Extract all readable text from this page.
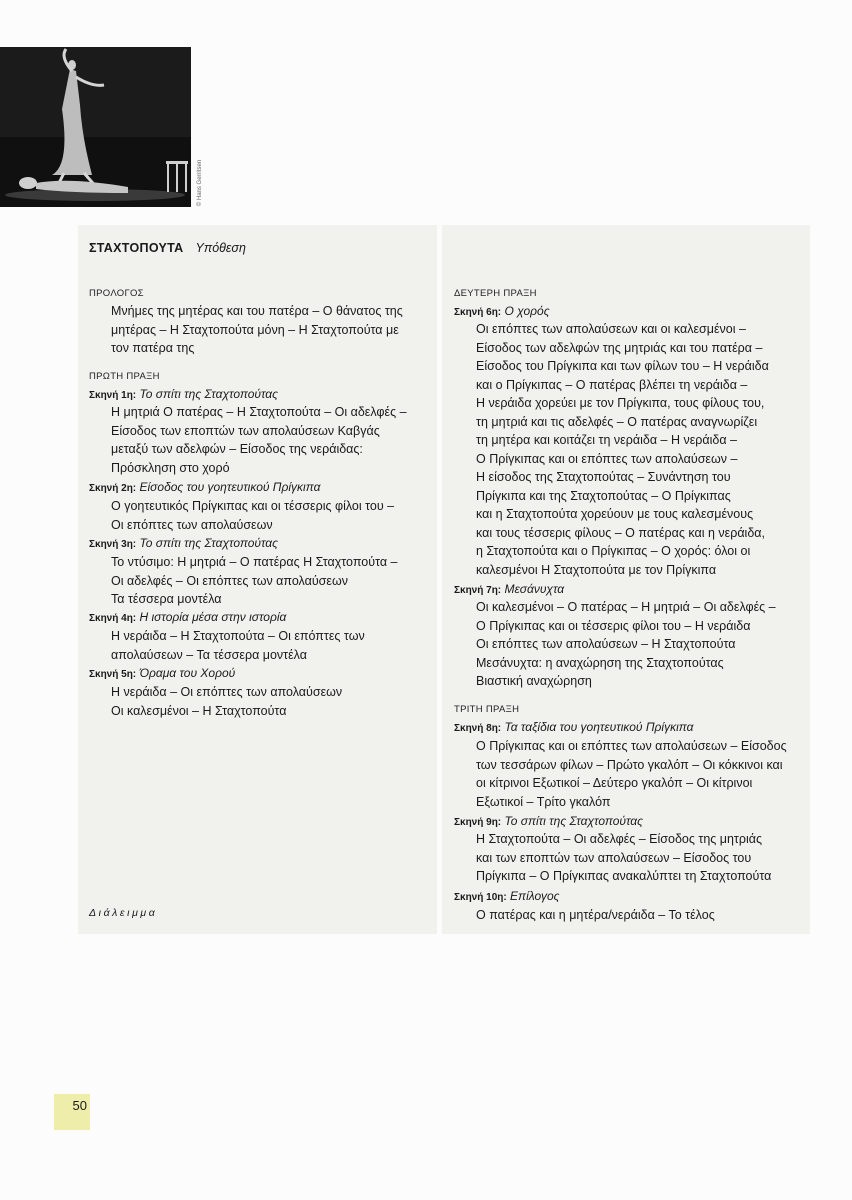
© Hans Gerritsen
ΣΤΑΧΤΟΠΟΥΤΑ Υπόθεση
ΠΡΟΛΟΓΟΣ
Μνήμες της μητέρας και του πατέρα – Ο θάνατος της
μητέρας – Η Σταχτοπούτα μόνη – Η Σταχτοπούτα με
τον πατέρα της
ΠΡΩΤΗ ΠΡΑΞΗ
Σκηνή 1η: Το σπίτι της Σταχτοπούτας
Η μητριά Ο πατέρας – Η Σταχτοπούτα – Οι αδελφές –
Είσοδος των εποπτών των απολαύσεων Καβγάς
μεταξύ των αδελφών – Είσοδος της νεράιδας:
Πρόσκληση στο χορό
Σκηνή 2η: Είσοδος του γοητευτικού Πρίγκιπα
Ο γοητευτικός Πρίγκιπας και οι τέσσερις φίλοι του –
Οι επόπτες των απολαύσεων
Σκηνή 3η: Το σπίτι της Σταχτοπούτας
Το ντύσιμο: Η μητριά – Ο πατέρας Η Σταχτοπούτα –
Οι αδελφές – Οι επόπτες των απολαύσεων
Τα τέσσερα μοντέλα
Σκηνή 4η: Η ιστορία μέσα στην ιστορία
Η νεράιδα – Η Σταχτοπούτα – Οι επόπτες των
απολαύσεων – Τα τέσσερα μοντέλα
Σκηνή 5η: Όραμα του Χορού
Η νεράιδα – Οι επόπτες των απολαύσεων
Οι καλεσμένοι – Η Σταχτοπούτα
Διάλειμμα
ΔΕΥΤΕΡΗ ΠΡΑΞΗ
Σκηνή 6η: Ο χορός
Οι επόπτες των απολαύσεων και οι καλεσμένοι –
Είσοδος των αδελφών της μητριάς και του πατέρα –
Είσοδος του Πρίγκιπα και των φίλων του – Η νεράιδα
και ο Πρίγκιπας – Ο πατέρας βλέπει τη νεράιδα –
Η νεράιδα χορεύει με τον Πρίγκιπα, τους φίλους του,
τη μητριά και τις αδελφές – Ο πατέρας αναγνωρίζει
τη μητέρα και κοιτάζει τη νεράιδα – Η νεράιδα –
Ο Πρίγκιπας και οι επόπτες των απολαύσεων –
Η είσοδος της Σταχτοπούτας – Συνάντηση του
Πρίγκιπα και της Σταχτοπούτας – Ο Πρίγκιπας
και η Σταχτοπούτα χορεύουν με τους καλεσμένους
και τους τέσσερις φίλους – Ο πατέρας και η νεράιδα,
η Σταχτοπούτα και ο Πρίγκιπας – Ο χορός: όλοι οι
καλεσμένοι Η Σταχτοπούτα με τον Πρίγκιπα
Σκηνή 7η: Μεσάνυχτα
Οι καλεσμένοι – Ο πατέρας – Η μητριά – Οι αδελφές –
Ο Πρίγκιπας και οι τέσσερις φίλοι του – Η νεράιδα
Οι επόπτες των απολαύσεων – Η Σταχτοπούτα
Μεσάνυχτα: η αναχώρηση της Σταχτοπούτας
Βιαστική αναχώρηση
ΤΡΙΤΗ ΠΡΑΞΗ
Σκηνή 8η: Τα ταξίδια του γοητευτικού Πρίγκιπα
Ο Πρίγκιπας και οι επόπτες των απολαύσεων – Είσοδος
των τεσσάρων φίλων – Πρώτο γκαλόπ – Οι κόκκινοι και
οι κίτρινοι Εξωτικοί – Δεύτερο γκαλόπ – Οι κίτρινοι
Εξωτικοί – Τρίτο γκαλόπ
Σκηνή 9η: Το σπίτι της Σταχτοπούτας
Η Σταχτοπούτα – Οι αδελφές – Είσοδος της μητριάς
και των εποπτών των απολαύσεων – Είσοδος του
Πρίγκιπα – Ο Πρίγκιπας ανακαλύπτει τη Σταχτοπούτα
Σκηνή 10η: Επίλογος
Ο πατέρας και η μητέρα/νεράιδα – Το τέλος
50
